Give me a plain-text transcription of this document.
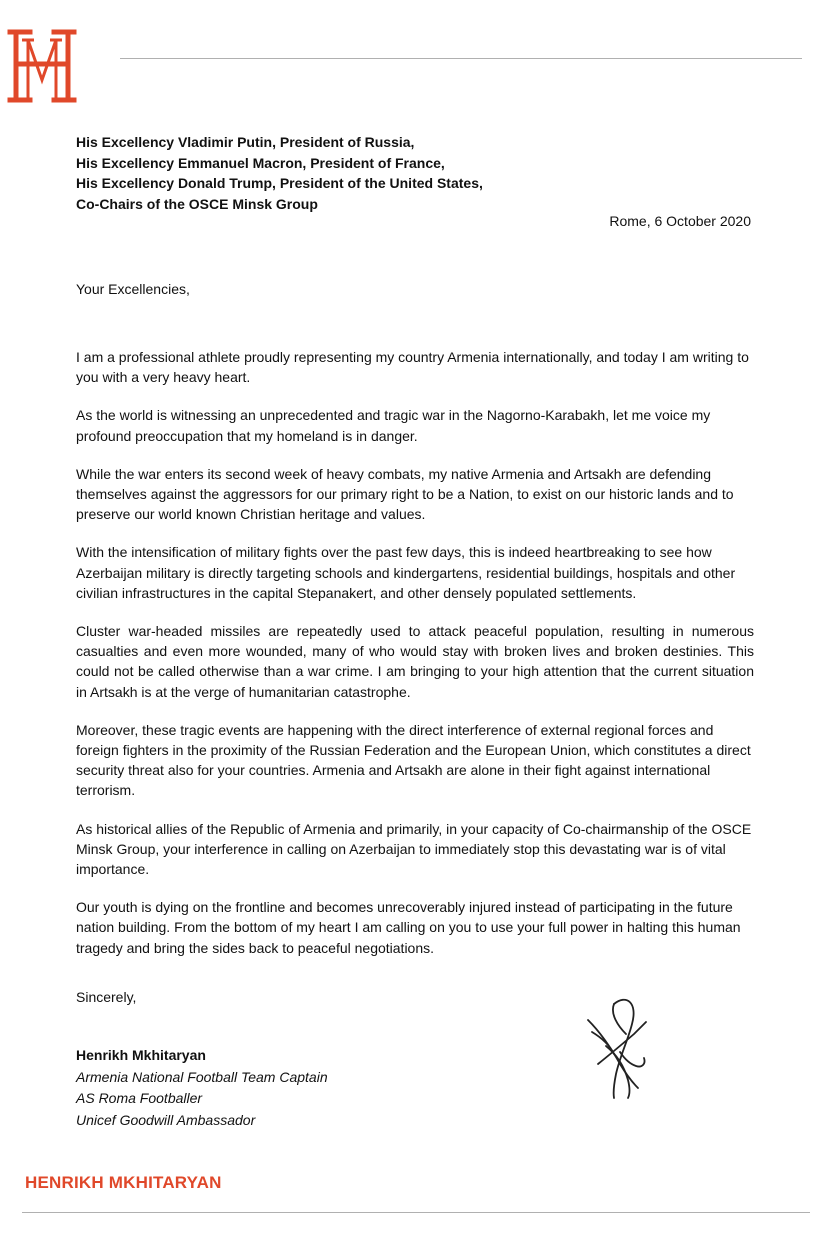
His Excellency Vladimir Putin, President of Russia,
His Excellency Emmanuel Macron, President of France,
His Excellency Donald Trump, President of the United States,
Co-Chairs of the OSCE Minsk Group
Rome, 6 October 2020
Your Excellencies,

I am a professional athlete proudly representing my country Armenia internationally, and today I am writing to you with a very heavy heart.

As the world is witnessing an unprecedented and tragic war in the Nagorno-Karabakh, let me voice my profound preoccupation that my homeland is in danger.

While the war enters its second week of heavy combats, my native Armenia and Artsakh are defending themselves against the aggressors for our primary right to be a Nation, to exist on our historic lands and to preserve our world known Christian heritage and values.

With the intensification of military fights over the past few days, this is indeed heartbreaking to see how Azerbaijan military is directly targeting schools and kindergartens, residential buildings, hospitals and other civilian infrastructures in the capital Stepanakert, and other densely populated settlements.

Cluster war-headed missiles are repeatedly used to attack peaceful population, resulting in numerous casualties and even more wounded, many of who would stay with broken lives and broken destinies. This could not be called otherwise than a war crime. I am bringing to your high attention that the current situation in Artsakh is at the verge of humanitarian catastrophe.

Moreover, these tragic events are happening with the direct interference of external regional forces and foreign fighters in the proximity of the Russian Federation and the European Union, which constitutes a direct security threat also for your countries. Armenia and Artsakh are alone in their fight against international terrorism.

As historical allies of the Republic of Armenia and primarily, in your capacity of Co-chairmanship of the OSCE Minsk Group, your interference in calling on Azerbaijan to immediately stop this devastating war is of vital importance.

Our youth is dying on the frontline and becomes unrecoverably injured instead of participating in the future nation building. From the bottom of my heart I am calling on you to use your full power in halting this human tragedy and bring the sides back to peaceful negotiations.

Sincerely,
Henrikh Mkhitaryan
Armenia National Football Team Captain
AS Roma Footballer
Unicef Goodwill Ambassador
HENRIKH MKHITARYAN
